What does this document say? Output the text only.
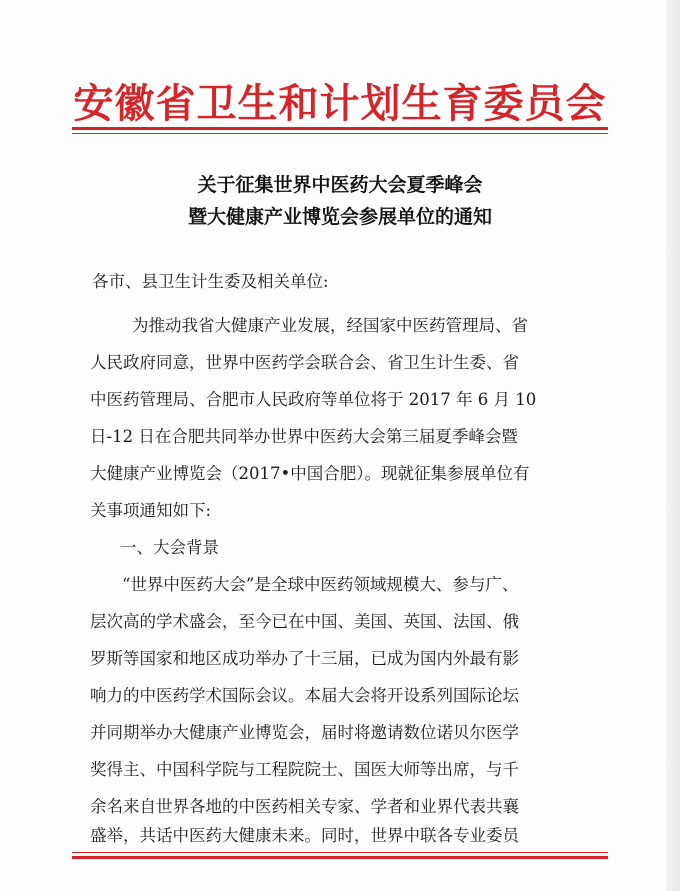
安徽省卫生和计划生育委员会
关于征集世界中医药大会夏季峰会
暨大健康产业博览会参展单位的通知
各市、县卫生计生委及相关单位:
为推动我省大健康产业发展，经国家中医药管理局、省
人民政府同意，世界中医药学会联合会、省卫生计生委、省
中医药管理局、合肥市人民政府等单位将于 2017 年 6 月 10
日-12 日在合肥共同举办世界中医药大会第三届夏季峰会暨
大健康产业博览会（2017•中国合肥）。现就征集参展单位有
关事项通知如下:
一、大会背景
“世界中医药大会”是全球中医药领域规模大、参与广、
层次高的学术盛会，至今已在中国、美国、英国、法国、俄
罗斯等国家和地区成功举办了十三届，已成为国内外最有影
响力的中医药学术国际会议。本届大会将开设系列国际论坛
并同期举办大健康产业博览会，届时将邀请数位诺贝尔医学
奖得主、中国科学院与工程院院士、国医大师等出席，与千
余名来自世界各地的中医药相关专家、学者和业界代表共襄
盛举，共话中医药大健康未来。同时，世界中联各专业委员
